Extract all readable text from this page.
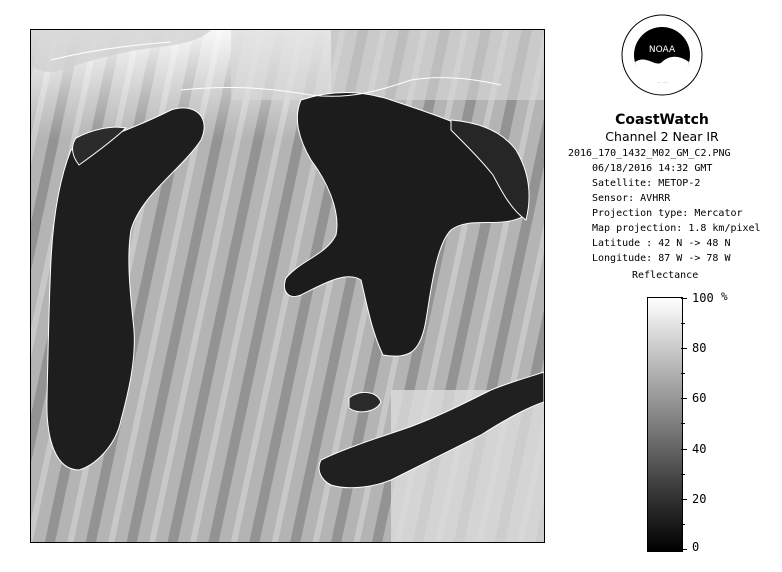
NOAA
CoastWatch
Channel 2 Near IR
2016_170_1432_M02_GM_C2.PNG
06/18/2016 14:32 GMT
Satellite: METOP-2
Sensor: AVHRR
Projection type: Mercator
Map projection: 1.8 km/pixel
Latitude : 42 N -> 48 N
Longitude: 87 W -> 78 W
Reflectance
%
100
80
60
40
20
0
